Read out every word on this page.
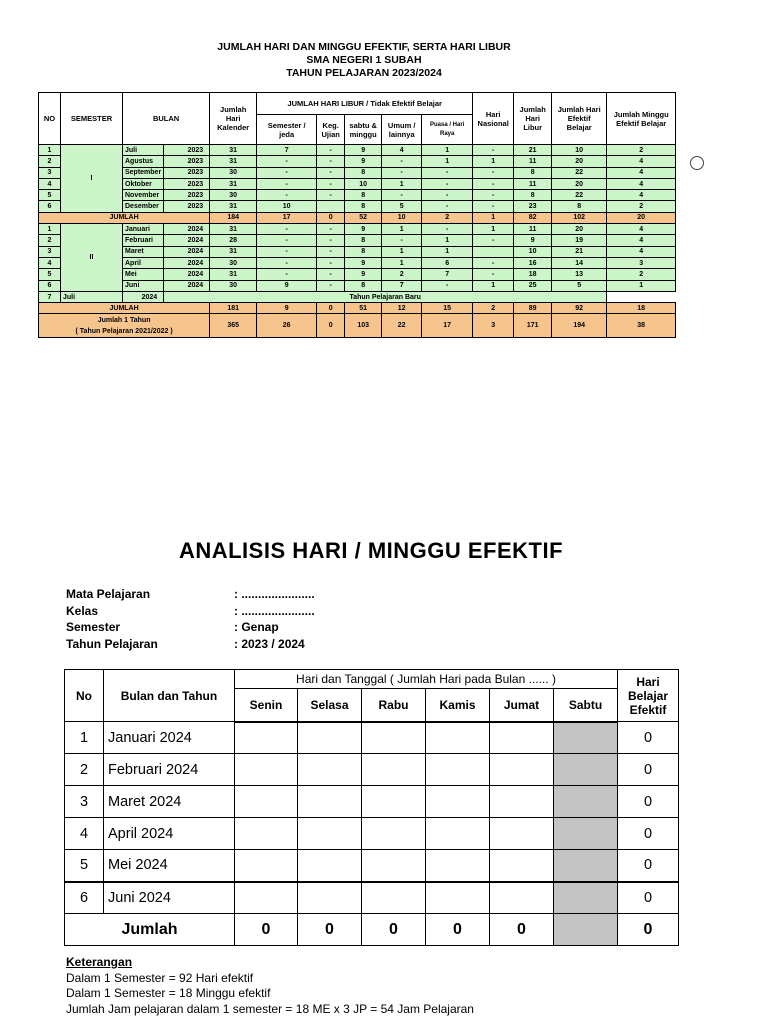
JUMLAH HARI DAN MINGGU EFEKTIF, SERTA HARI LIBUR
SMA NEGERI 1 SUBAH
TAHUN PELAJARAN 2023/2024
NO	SEMESTER	BULAN		Jumlah Hari Kalender	JUMLAH HARI LIBUR / Tidak Efektif Belajar					Hari Nasional	Jumlah Hari Libur	Jumlah Hari Efektif Belajar	Jumlah Minggu Efektif Belajar
					Semester / jeda	Keg. Ujian	sabtu & minggu	Umum / lainnya	Puasa / Hari Raya				
1	I	Juli	2023	31	7	-	9	4	1	-	21	10	2
2		Agustus	2023	31	-	-	9	-	1	1	11	20	4
3		September	2023	30	-	-	8	-	-	-	8	22	4
4		Oktober	2023	31	-	-	10	1	-	-	11	20	4
5		November	2023	30	-	-	8	-	-	-	8	22	4
6		Desember	2023	31	10		8	5	-	-	23	8	2
JUMLAH				184	17	0	52	10	2	1	82	102	20
1	II	Januari	2024	31	-	-	9	1	-	1	11	20	4
2		Februari	2024	28	-	-	8	-	1	-	9	19	4
3		Maret	2024	31	-	-	8	1	1		10	21	4
4		April	2024	30	-	-	9	1	6	-	16	14	3
5		Mei	2024	31	-	-	9	2	7	-	18	13	2
6		Juni	2024	30	9	-	8	7	-	1	25	5	1
7	Juli	2024	Tahun Pelajaran Baru										
JUMLAH				181	9	0	51	12	15	2	89	92	18

Jumlah 1 Tahun
( Tahun Pelajaran 2021/2022 )				365	26	0	103	22	17	3	171	194	38
ANALISIS HARI / MINGGU EFEKTIF
Mata Pelajaran	: ......................
Kelas	: ......................
Semester	: Genap
Tahun Pelajaran	: 2023 / 2024
No	Bulan dan Tahun	Hari dan Tanggal ( Jumlah Hari pada Bulan ...... )						Hari Belajar Efektif
		Senin	Selasa	Rabu	Kamis	Jumat	Sabtu	
1	Januari 2024							0
2	Februari 2024							0
3	Maret 2024							0
4	April 2024							0
5	Mei 2024							0
6	Juni 2024							0
Jumlah		0	0	0	0	0		0
Keterangan
Dalam 1 Semester = 92 Hari efektif
Dalam 1 Semester = 18 Minggu efektif
Jumlah Jam pelajaran dalam 1 semester = 18 ME x 3 JP = 54 Jam Pelajaran
